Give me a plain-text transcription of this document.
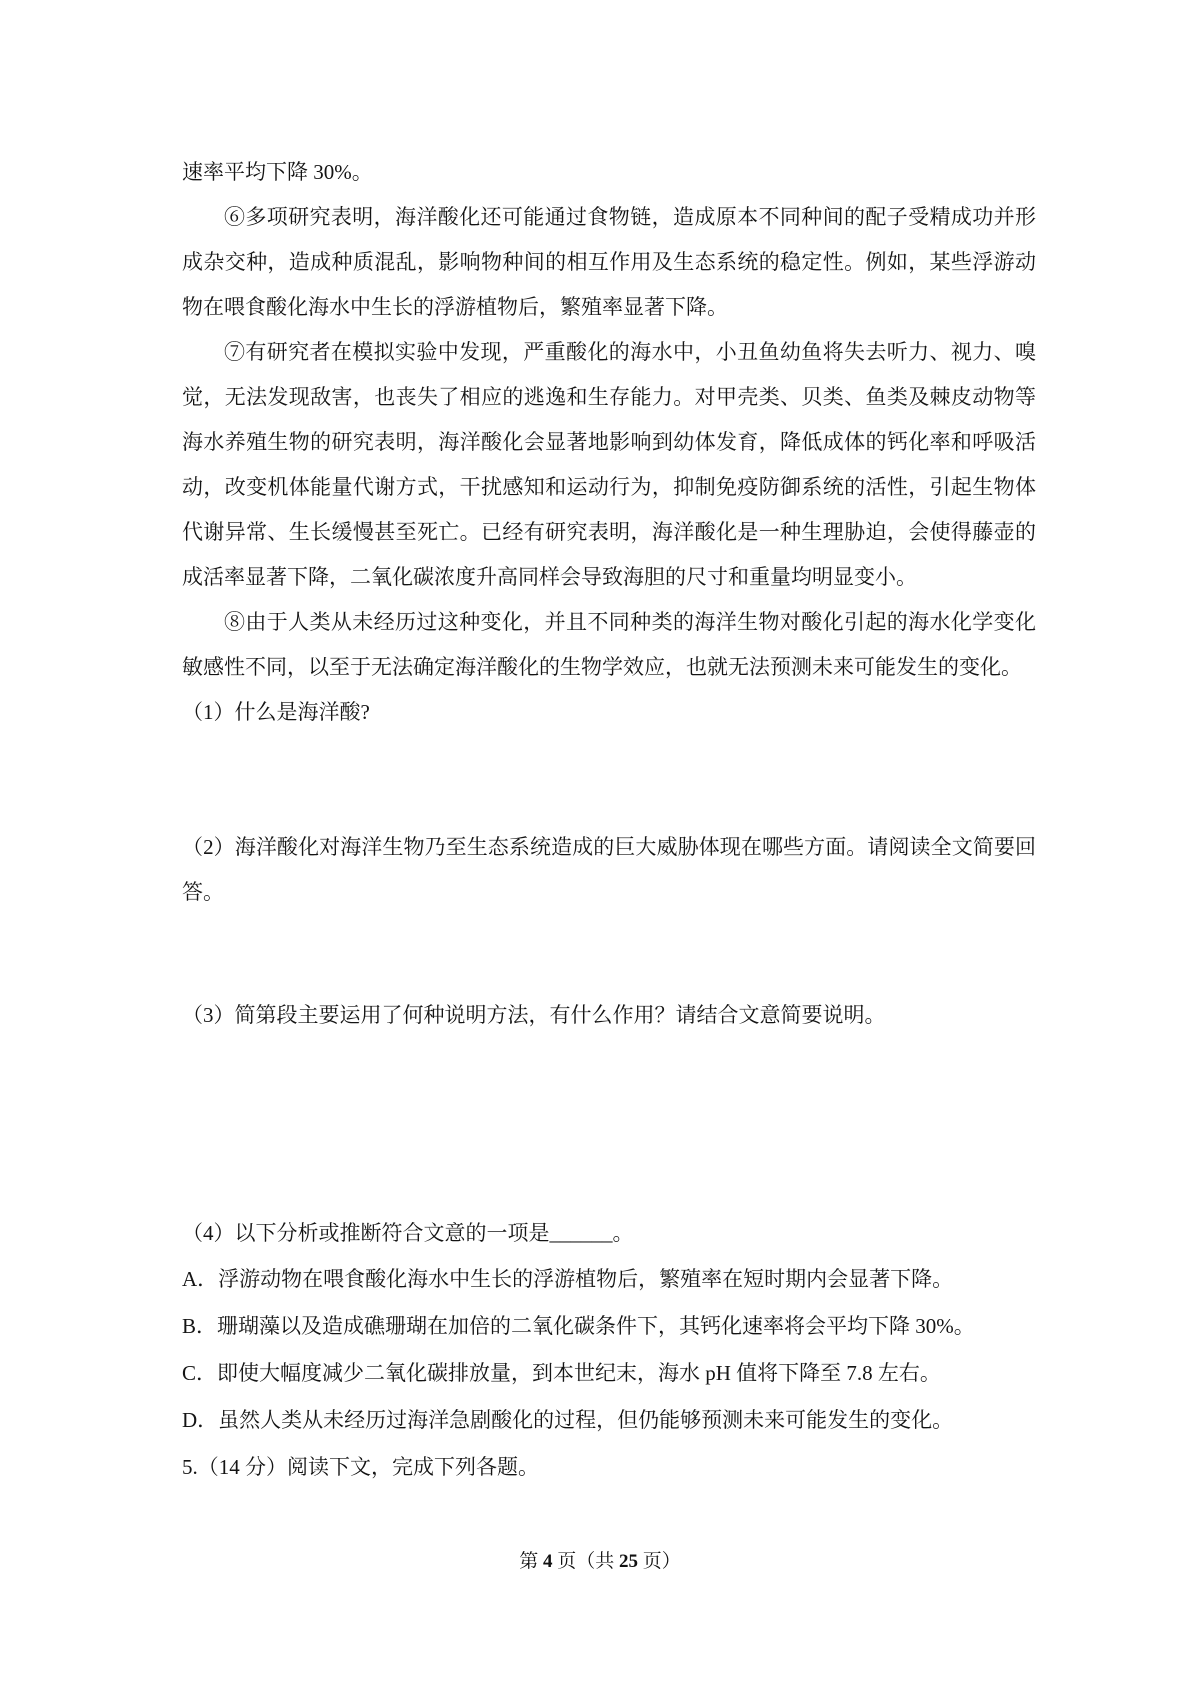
速率平均下降 30%。

⑥多项研究表明，海洋酸化还可能通过食物链，造成原本不同种间的配子受精成功并形成杂交种，造成种质混乱，影响物种间的相互作用及生态系统的稳定性。例如，某些浮游动物在喂食酸化海水中生长的浮游植物后，繁殖率显著下降。

⑦有研究者在模拟实验中发现，严重酸化的海水中，小丑鱼幼鱼将失去听力、视力、嗅觉，无法发现敌害，也丧失了相应的逃逸和生存能力。对甲壳类、贝类、鱼类及棘皮动物等海水养殖生物的研究表明，海洋酸化会显著地影响到幼体发育，降低成体的钙化率和呼吸活动，改变机体能量代谢方式，干扰感知和运动行为，抑制免疫防御系统的活性，引起生物体代谢异常、生长缓慢甚至死亡。已经有研究表明，海洋酸化是一种生理胁迫，会使得藤壶的成活率显著下降，二氧化碳浓度升高同样会导致海胆的尺寸和重量均明显变小。

⑧由于人类从未经历过这种变化，并且不同种类的海洋生物对酸化引起的海水化学变化敏感性不同，以至于无法确定海洋酸化的生物学效应，也就无法预测未来可能发生的变化。

（1）什么是海洋酸?

（2）海洋酸化对海洋生物乃至生态系统造成的巨大威胁体现在哪些方面。请阅读全文简要回答。

（3）简第段主要运用了何种说明方法，有什么作用？请结合文意简要说明。

（4）以下分析或推断符合文意的一项是______。

A．浮游动物在喂食酸化海水中生长的浮游植物后，繁殖率在短时期内会显著下降。

B．珊瑚藻以及造成礁珊瑚在加倍的二氧化碳条件下，其钙化速率将会平均下降 30%。

C．即使大幅度减少二氧化碳排放量，到本世纪末，海水 pH 值将下降至 7.8 左右。

D．虽然人类从未经历过海洋急剧酸化的过程，但仍能够预测未来可能发生的变化。

5.（14 分）阅读下文，完成下列各题。

第 4 页（共 25 页）
